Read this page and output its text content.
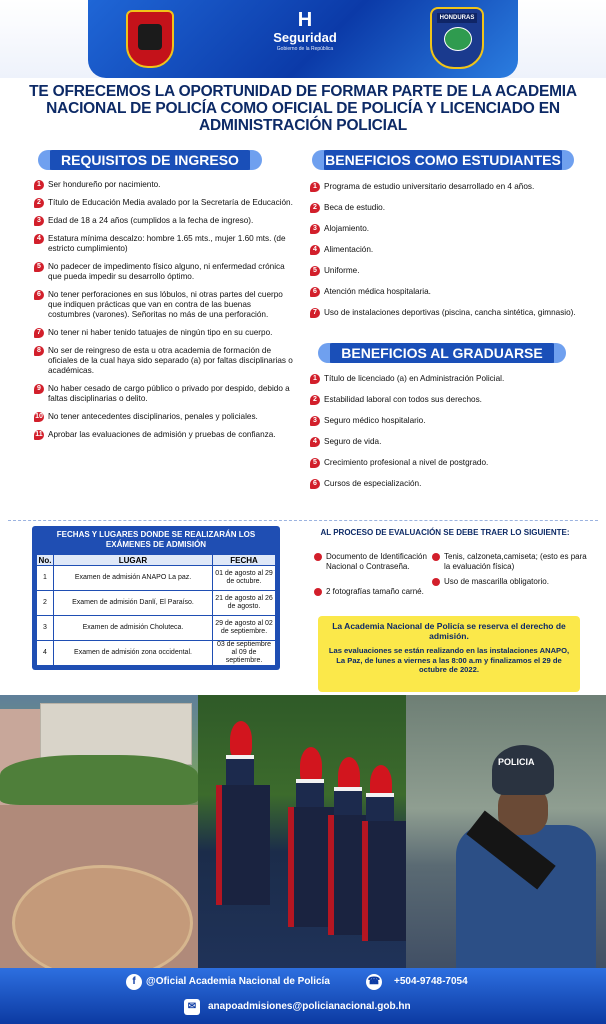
H
Seguridad
Gobierno de la República
HONDURAS
TE OFRECEMOS LA OPORTUNIDAD DE FORMAR PARTE DE LA ACADEMIA NACIONAL DE POLICÍA COMO OFICIAL DE POLICÍA Y LICENCIADO EN ADMINISTRACIÓN POLICIAL
REQUISITOS DE INGRESO
1 Ser hondureño por nacimiento.
2 Título de Educación Media avalado por la Secretaría de Educación.
3 Edad de 18 a 24 años (cumplidos a la fecha de ingreso).
4 Estatura mínima descalzo: hombre 1.65 mts., mujer 1.60 mts. (de estricto cumplimiento)
5 No padecer de impedimento físico alguno, ni enfermedad crónica que pueda impedir su desarrollo óptimo.
6 No tener perforaciones en sus lóbulos, ni otras partes del cuerpo que indiquen prácticas que van en contra de las buenas costumbres (varones). Señoritas no más de una perforación.
7 No tener ni haber tenido tatuajes de ningún tipo en su cuerpo.
8 No ser de reingreso de esta u otra academia de formación de oficiales de la cual haya sido separado (a) por faltas disciplinarias o académicas.
9 No haber cesado de cargo público o privado por despido, debido a faltas disciplinarias o delito.
10 No tener antecedentes disciplinarios, penales y policiales.
11 Aprobar las evaluaciones de admisión y pruebas de confianza.
BENEFICIOS COMO ESTUDIANTES
1 Programa de estudio universitario desarrollado en 4 años.
2 Beca de estudio.
3 Alojamiento.
4 Alimentación.
5 Uniforme.
6 Atención médica hospitalaria.
7 Uso de instalaciones deportivas (piscina, cancha sintética, gimnasio).
BENEFICIOS AL GRADUARSE
1 Título de licenciado (a) en Administración Policial.
2 Estabilidad laboral con todos sus derechos.
3 Seguro médico hospitalario.
4 Seguro de vida.
5 Crecimiento profesional a nivel de postgrado.
6 Cursos de especialización.
FECHAS Y LUGARES DONDE SE REALIZARÁN LOS EXÁMENES DE ADMISIÓN
No.	LUGAR	FECHA
1	Examen de admisión ANAPO La paz.	01 de agosto al 29 de octubre.
2	Examen de admisión Danlí, El Paraíso.	21 de agosto al 26 de agosto.
3	Examen de admisión Choluteca.	29 de agosto al 02 de septiembre.
4	Examen de admisión zona occidental.	03 de septiembre al 09 de septiembre.
AL PROCESO DE EVALUACIÓN SE DEBE TRAER LO SIGUIENTE:
Documento de Identificación Nacional o Contraseña.
2 fotografías tamaño carné.
Tenis, calzoneta,camiseta; (esto es para la evaluación física)
Uso de mascarilla obligatorio.
La Academia Nacional de Policía se reserva el derecho de admisión.
Las evaluaciones se están realizando en las instalaciones ANAPO, La Paz, de lunes a viernes a las 8:00 a.m y finalizamos el 29 de octubre de 2022.
POLICIA
f	@Oficial Academia Nacional de Policía	☎ +504-9748-7054
✉	anapoadmisiones@policianacional.gob.hn
